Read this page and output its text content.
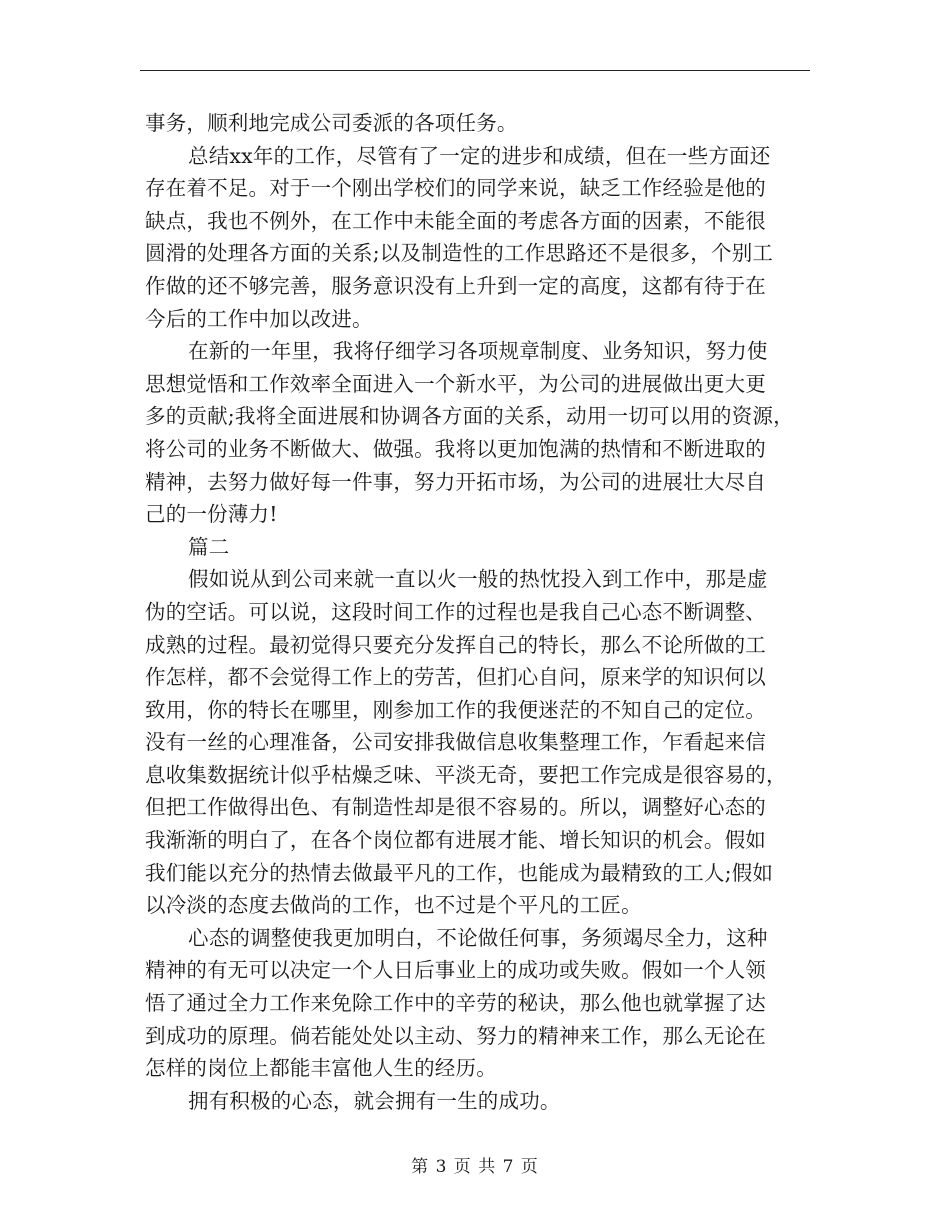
事务，顺利地完成公司委派的各项任务。
总结xx年的工作，尽管有了一定的进步和成绩，但在一些方面还
存在着不足。对于一个刚出学校们的同学来说，缺乏工作经验是他的
缺点，我也不例外，在工作中未能全面的考虑各方面的因素，不能很
圆滑的处理各方面的关系;以及制造性的工作思路还不是很多，个别工
作做的还不够完善，服务意识没有上升到一定的高度，这都有待于在
今后的工作中加以改进。
在新的一年里，我将仔细学习各项规章制度、业务知识，努力使
思想觉悟和工作效率全面进入一个新水平，为公司的进展做出更大更
多的贡献;我将全面进展和协调各方面的关系，动用一切可以用的资源，
将公司的业务不断做大、做强。我将以更加饱满的热情和不断进取的
精神，去努力做好每一件事，努力开拓市场，为公司的进展壮大尽自
己的一份薄力!
篇二
假如说从到公司来就一直以火一般的热忱投入到工作中，那是虚
伪的空话。可以说，这段时间工作的过程也是我自己心态不断调整、
成熟的过程。最初觉得只要充分发挥自己的特长，那么不论所做的工
作怎样，都不会觉得工作上的劳苦，但扪心自问，原来学的知识何以
致用，你的特长在哪里，刚参加工作的我便迷茫的不知自己的定位。
没有一丝的心理准备，公司安排我做信息收集整理工作，乍看起来信
息收集数据统计似乎枯燥乏味、平淡无奇，要把工作完成是很容易的，
但把工作做得出色、有制造性却是很不容易的。所以，调整好心态的
我渐渐的明白了，在各个岗位都有进展才能、增长知识的机会。假如
我们能以充分的热情去做最平凡的工作，也能成为最精致的工人;假如
以冷淡的态度去做尚的工作，也不过是个平凡的工匠。
心态的调整使我更加明白，不论做任何事，务须竭尽全力，这种
精神的有无可以决定一个人日后事业上的成功或失败。假如一个人领
悟了通过全力工作来免除工作中的辛劳的秘诀，那么他也就掌握了达
到成功的原理。倘若能处处以主动、努力的精神来工作，那么无论在
怎样的岗位上都能丰富他人生的经历。
拥有积极的心态，就会拥有一生的成功。
第 3 页 共 7 页
